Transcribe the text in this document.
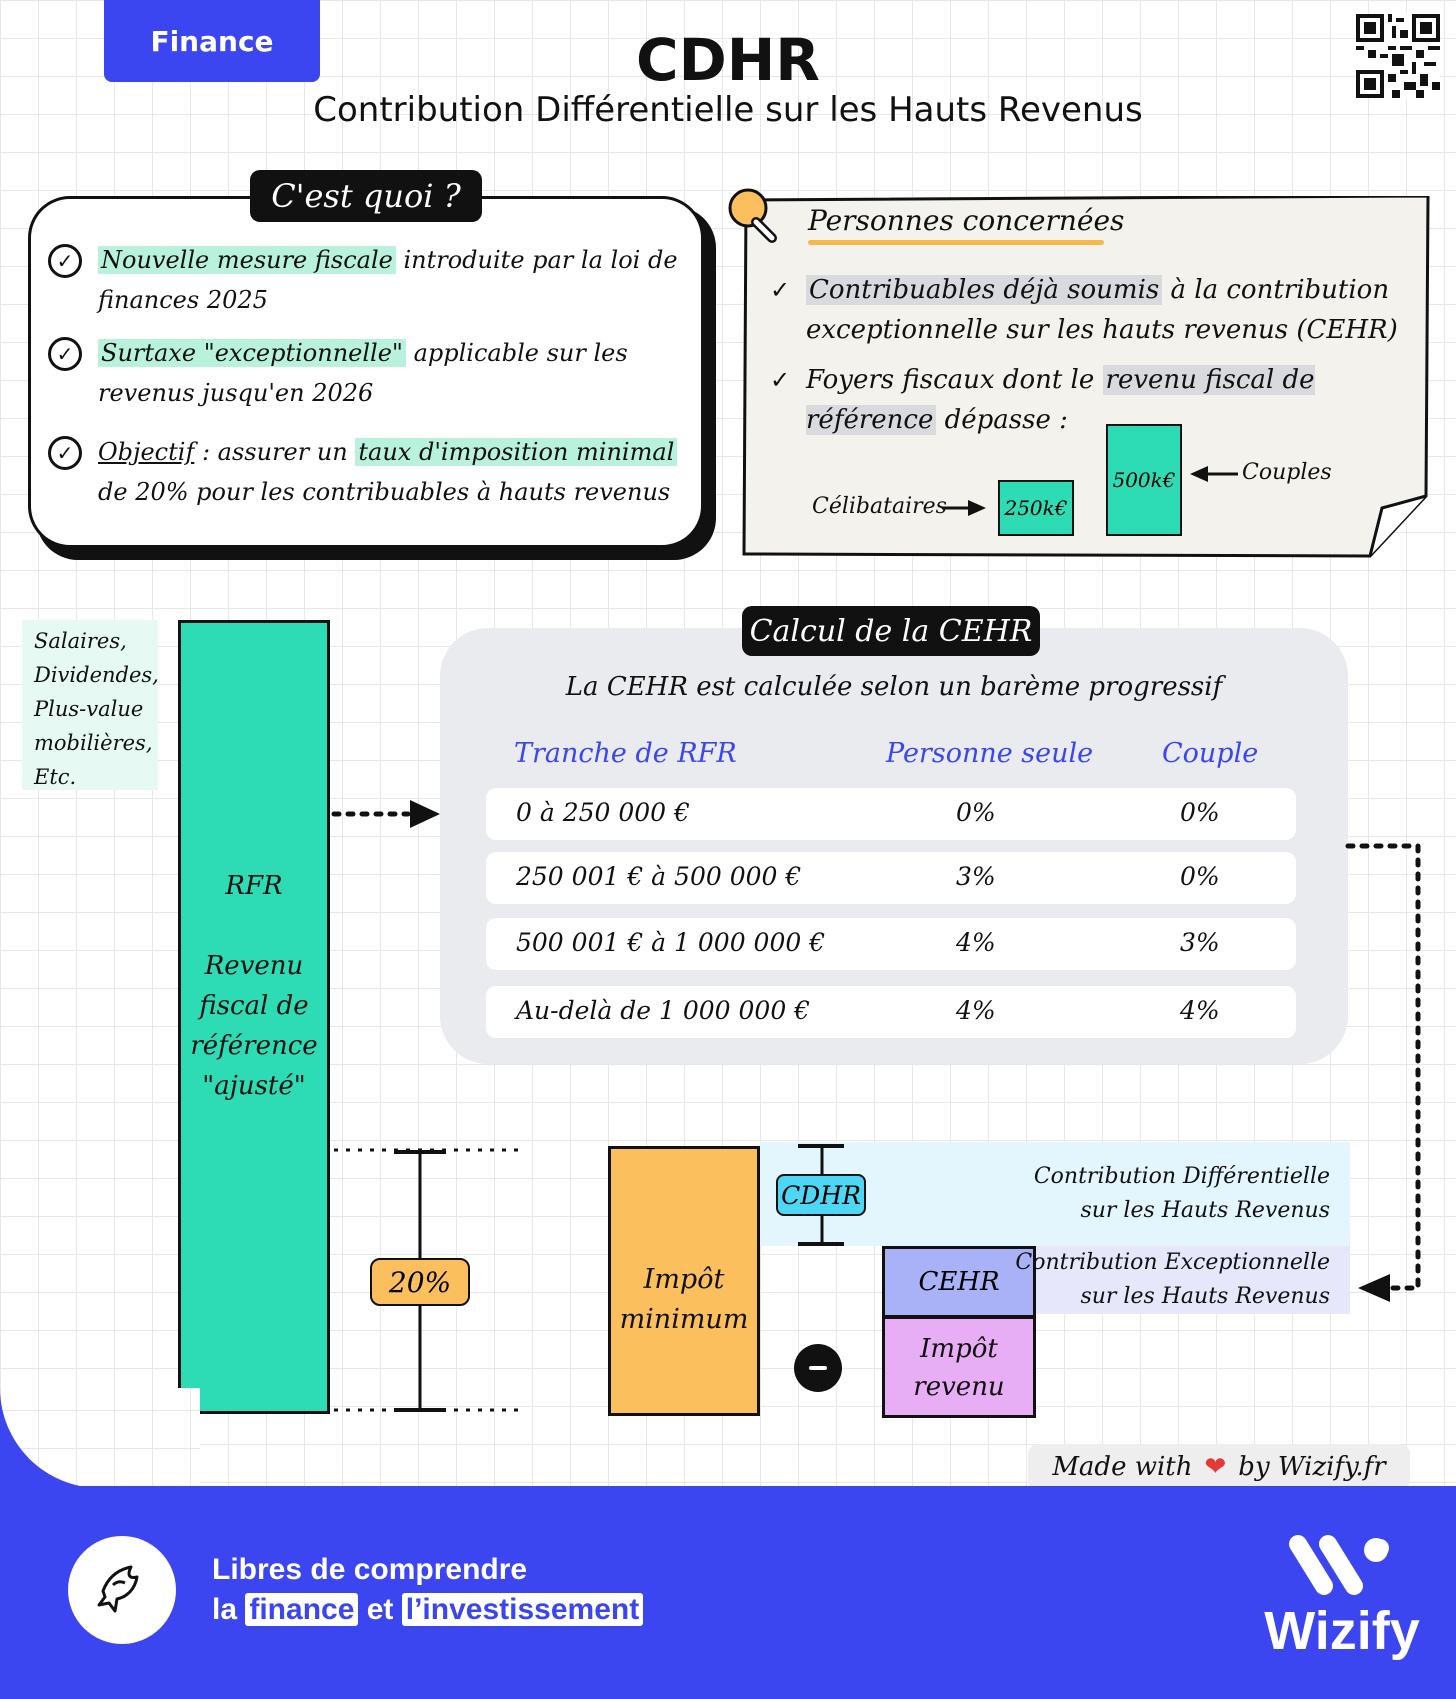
Finance	CDHR
Contribution Différentielle sur les Hauts Revenus
C'est quoi ?
✓	Nouvelle mesure fiscale introduite par la loi de finances 2025
✓	Surtaxe "exceptionnelle" applicable sur les revenus jusqu'en 2026
✓	Objectif : assurer un taux d'imposition minimal de 20% pour les contribuables à hauts revenus
Personnes concernées
✓ Contribuables déjà soumis à la contribution exceptionnelle sur les hauts revenus (CEHR)
✓ Foyers fiscaux dont le revenu fiscal de référence dépasse :
Célibataires	250k€
500k€	Couples
Salaires,
Dividendes,
Plus-value
mobilières,
Etc.
RFR
Revenu
fiscal de
référence
"ajusté"
Calcul de la CEHR
La CEHR est calculée selon un barème progressif
Tranche de RFR	Personne seule	Couple
0 à 250 000 €	0%	0%
250 001 € à 500 000 €	3%	0%
500 001 € à 1 000 000 €	4%	3%
Au-delà de 1 000 000 €	4%	4%
Impôt
minimum
CEHR
Impôt
revenu
Contribution Différentielle
sur les Hauts Revenus
Contribution Exceptionnelle
sur les Hauts Revenus
20%
CDHR
Made with ❤ by Wizify.fr
Libres de comprendre
la finance et l’investissement	Wizify
